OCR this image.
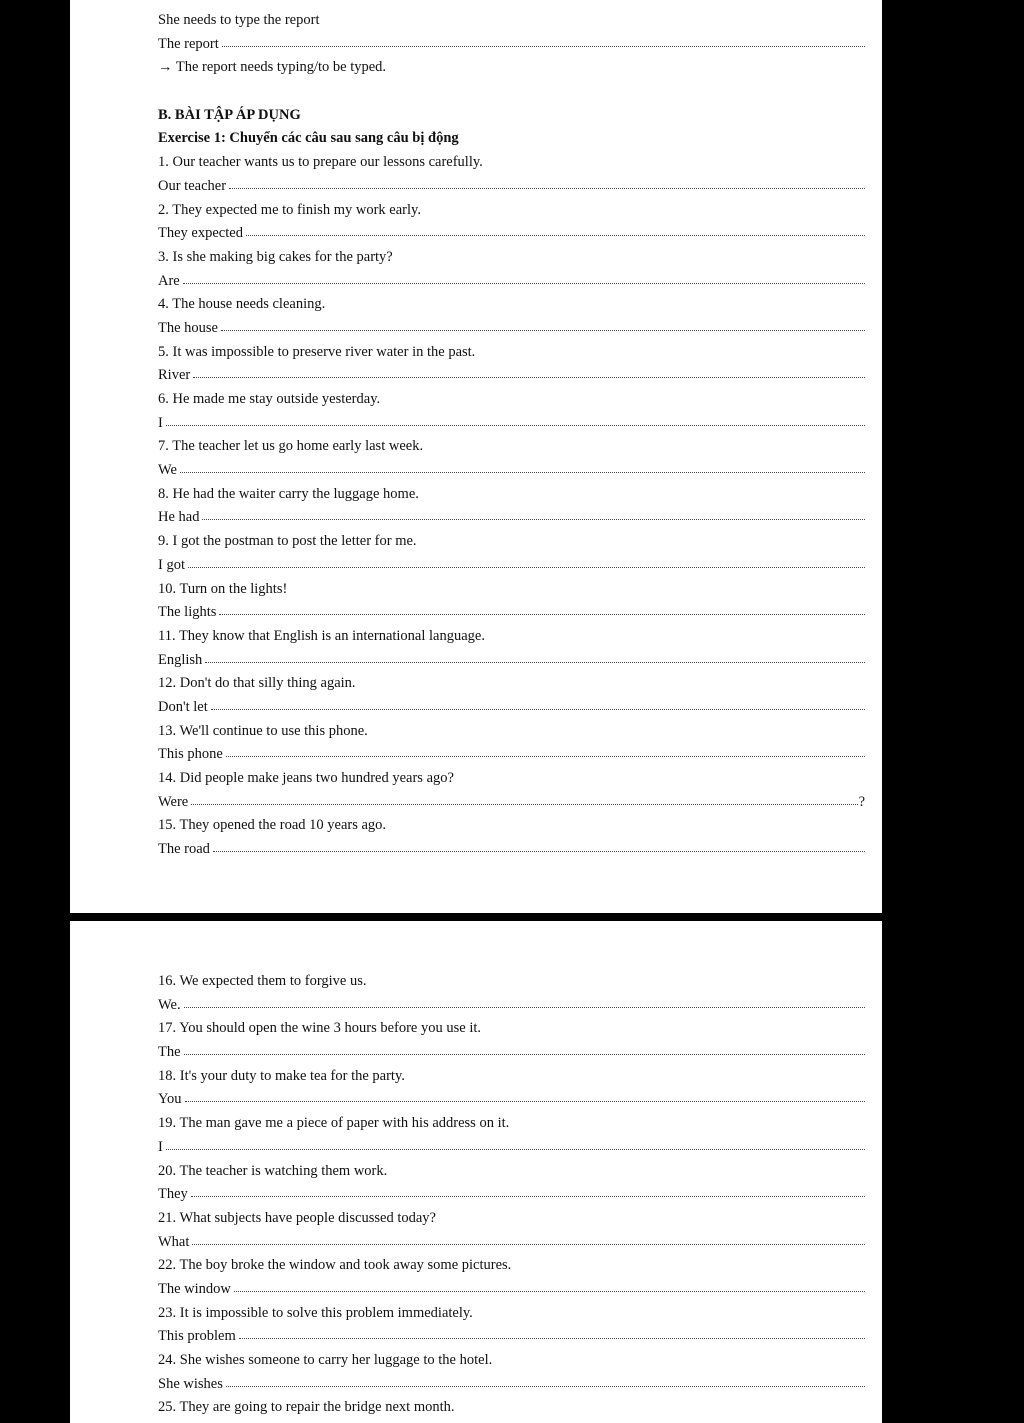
She needs to type the report
The report
→ The report needs typing/to be typed.
B. BÀI TẬP ÁP DỤNG
Exercise 1: Chuyển các câu sau sang câu bị động
1. Our teacher wants us to prepare our lessons carefully.
Our teacher
2. They expected me to finish my work early.
They expected
3. Is she making big cakes for the party?
Are
4. The house needs cleaning.
The house
5. It was impossible to preserve river water in the past.
River
6. He made me stay outside yesterday.
I
7. The teacher let us go home early last week.
We
8. He had the waiter carry the luggage home.
He had
9. I got the postman to post the letter for me.
I got
10. Turn on the lights!
The lights
11. They know that English is an international language.
English
12. Don't do that silly thing again.
Don't let
13. We'll continue to use this phone.
This phone
14. Did people make jeans two hundred years ago?
Were	?
15. They opened the road 10 years ago.
The road
16. We expected them to forgive us.
We.
17. You should open the wine 3 hours before you use it.
The
18. It's your duty to make tea for the party.
You
19. The man gave me a piece of paper with his address on it.
I
20. The teacher is watching them work.
They
21. What subjects have people discussed today?
What
22. The boy broke the window and took away some pictures.
The window
23. It is impossible to solve this problem immediately.
This problem
24. She wishes someone to carry her luggage to the hotel.
She wishes
25. They are going to repair the bridge next month.
